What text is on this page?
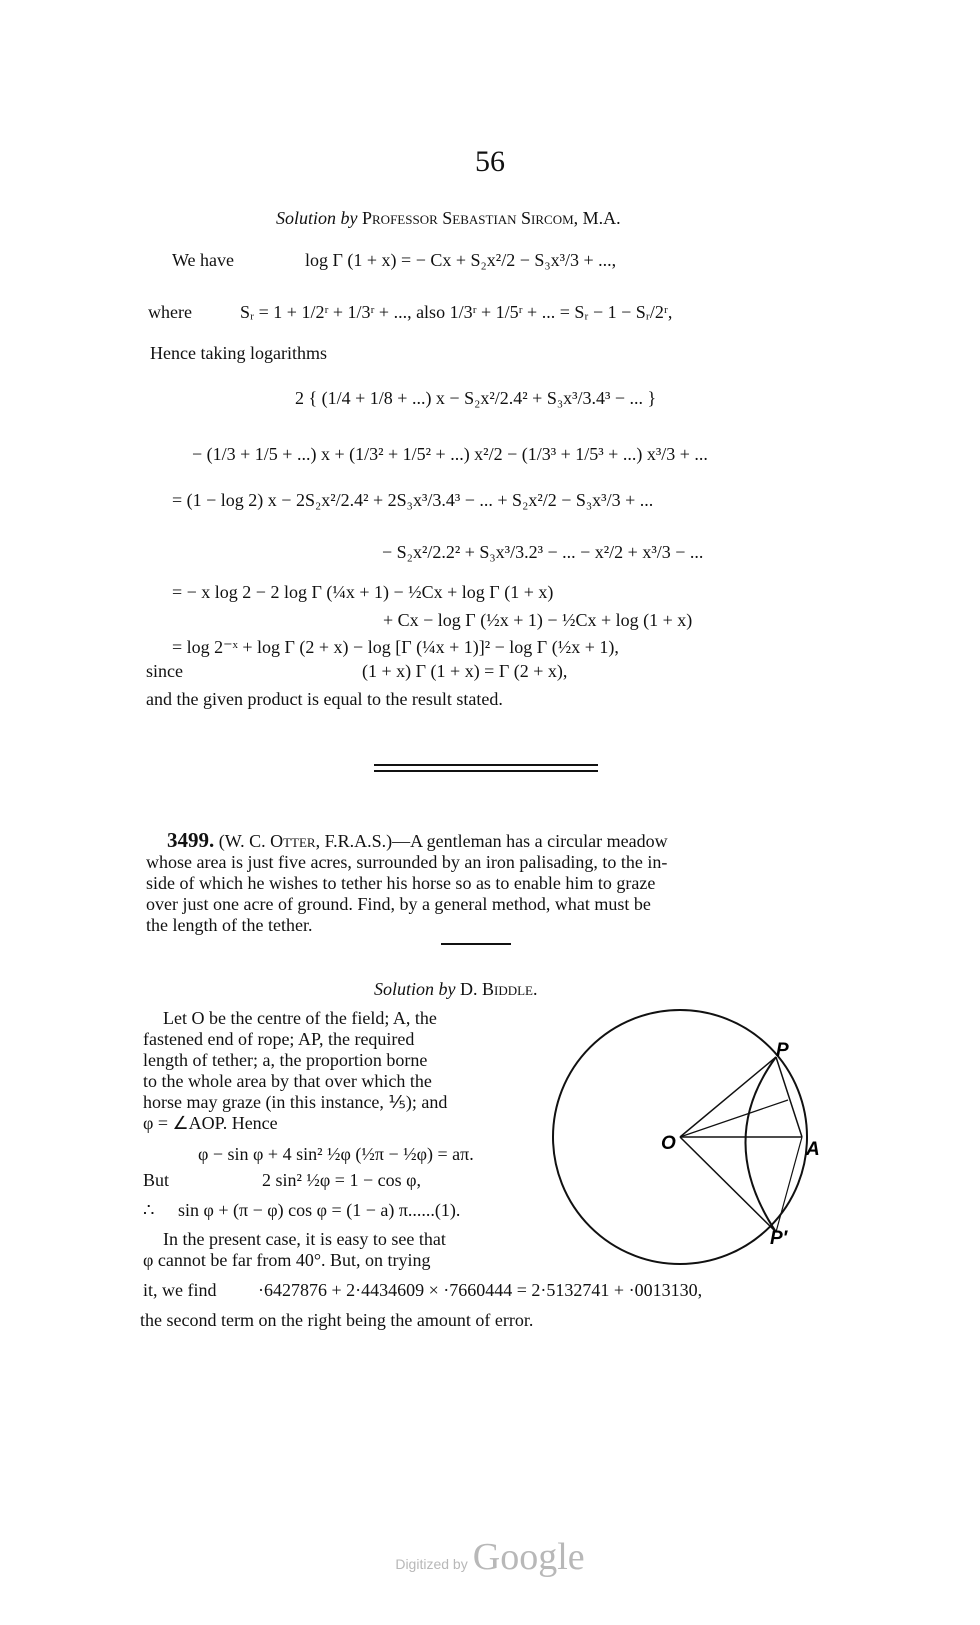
56
Solution by Professor Sebastian Sircom, M.A.
We have	log Γ (1 + x) = − Cx + S₂x²/2 − S₃x³/3 + ...,
where	Sᵣ = 1 + 1/2ʳ + 1/3ʳ + ..., also 1/3ʳ + 1/5ʳ + ... = Sᵣ − 1 − Sᵣ/2ʳ,
Hence taking logarithms
2 { (1/4 + 1/8 + ...) x − S₂x²/2.4² + S₃x³/3.4³ − ... }
− (1/3 + 1/5 + ...) x + (1/3² + 1/5² + ...) x²/2 − (1/3³ + 1/5³ + ...) x³/3 + ...
= (1 − log 2) x − 2S₂x²/2.4² + 2S₃x³/3.4³ − ... + S₂x²/2 − S₃x³/3 + ...
− S₂x²/2.2² + S₃x³/3.2³ − ... − x²/2 + x³/3 − ...
= − x log 2 − 2 log Γ (¼x + 1) − ½Cx + log Γ (1 + x)
+ Cx − log Γ (½x + 1) − ½Cx + log (1 + x)
= log 2⁻ˣ + log Γ (2 + x) − log [Γ (¼x + 1)]² − log Γ (½x + 1),
since	(1 + x) Γ (1 + x) = Γ (2 + x),
and the given product is equal to the result stated.
3499. (W. C. Otter, F.R.A.S.)—A gentleman has a circular meadow
whose area is just five acres, surrounded by an iron palisading, to the in-
side of which he wishes to tether his horse so as to enable him to graze
over just one acre of ground. Find, by a general method, what must be
the length of the tether.
Solution by D. Biddle.
Let O be the centre of the field; A, the
fastened end of rope; AP, the required
length of tether; a, the proportion borne
to the whole area by that over which the
horse may graze (in this instance, ⅕); and
φ = ∠AOP. Hence
φ − sin φ + 4 sin² ½φ (½π − ½φ) = aπ.
But	2 sin² ½φ = 1 − cos φ,
∴ sin φ + (π − φ) cos φ = (1 − a) π......(1).
In the present case, it is easy to see that
φ cannot be far from 40°. But, on trying
it, we find ·6427876 + 2·4434609 × ·7660444 = 2·5132741 + ·0013130,
the second term on the right being the amount of error.
O	A
P
P′
Digitized by Google
